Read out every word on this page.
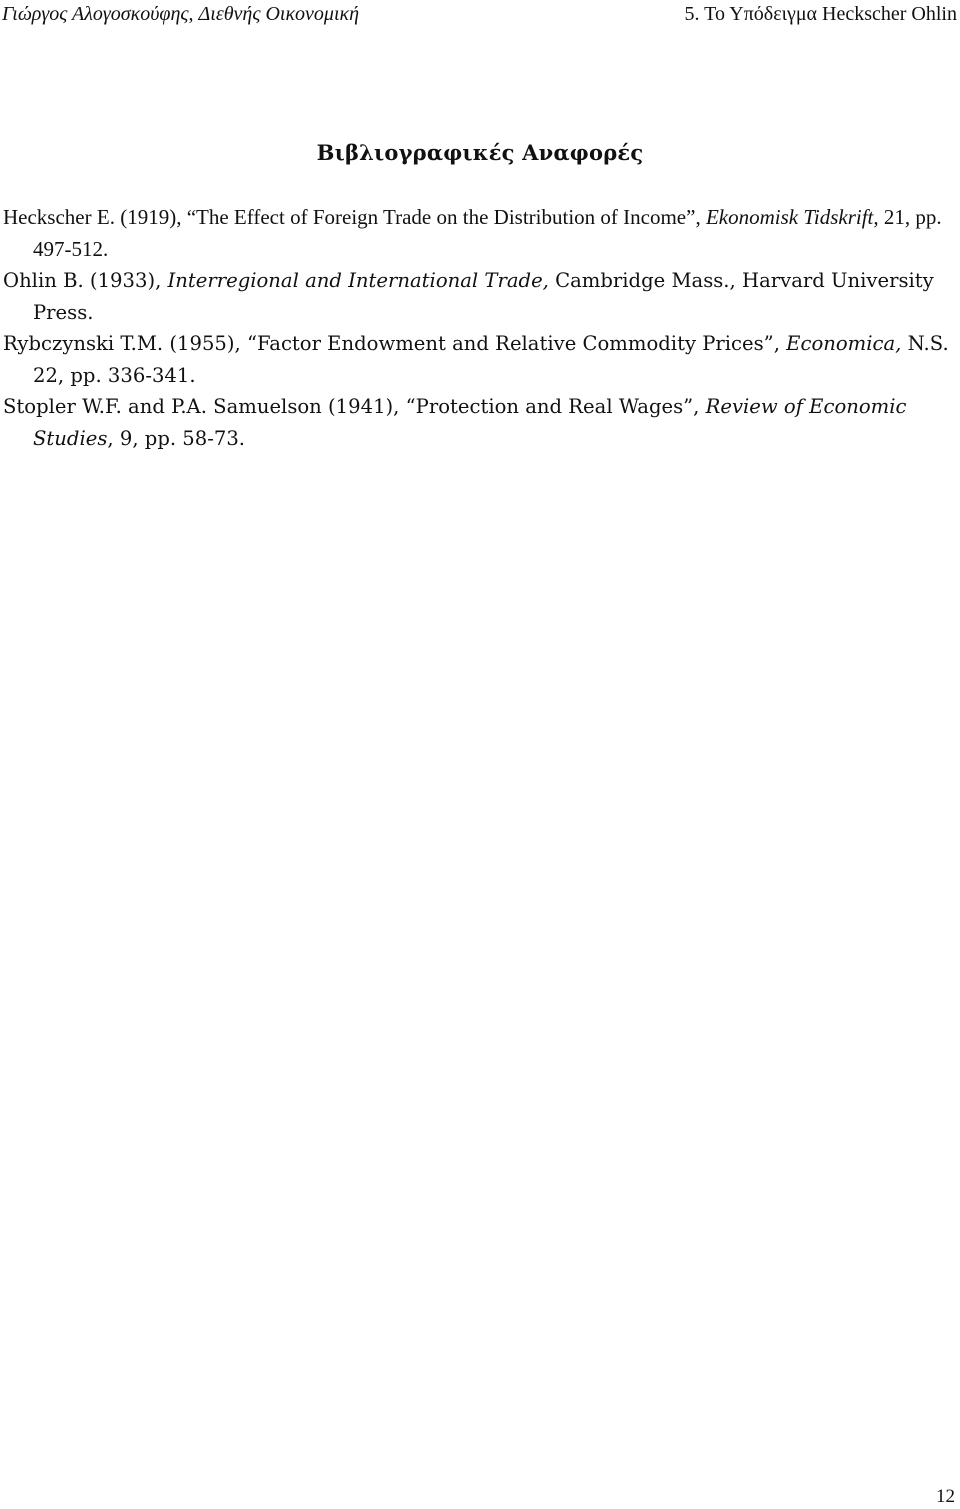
Γιώργος Αλογοσκούφης, Διεθνής Οικονομική	5. Το Υπόδειγμα Heckscher Ohlin
Βιβλιογραφικές Αναφορές
Heckscher E. (1919), “The Effect of Foreign Trade on the Distribution of Income”, Ekonomisk Tidskrift, 21, pp. 497-512.
Ohlin B. (1933), Interregional and International Trade, Cambridge Mass., Harvard University Press.
Rybczynski T.M. (1955), “Factor Endowment and Relative Commodity Prices”, Economica, N.S. 22, pp. 336-341.
Stopler W.F. and P.A. Samuelson (1941), “Protection and Real Wages”, Review of Economic Studies, 9, pp. 58-73.
12
